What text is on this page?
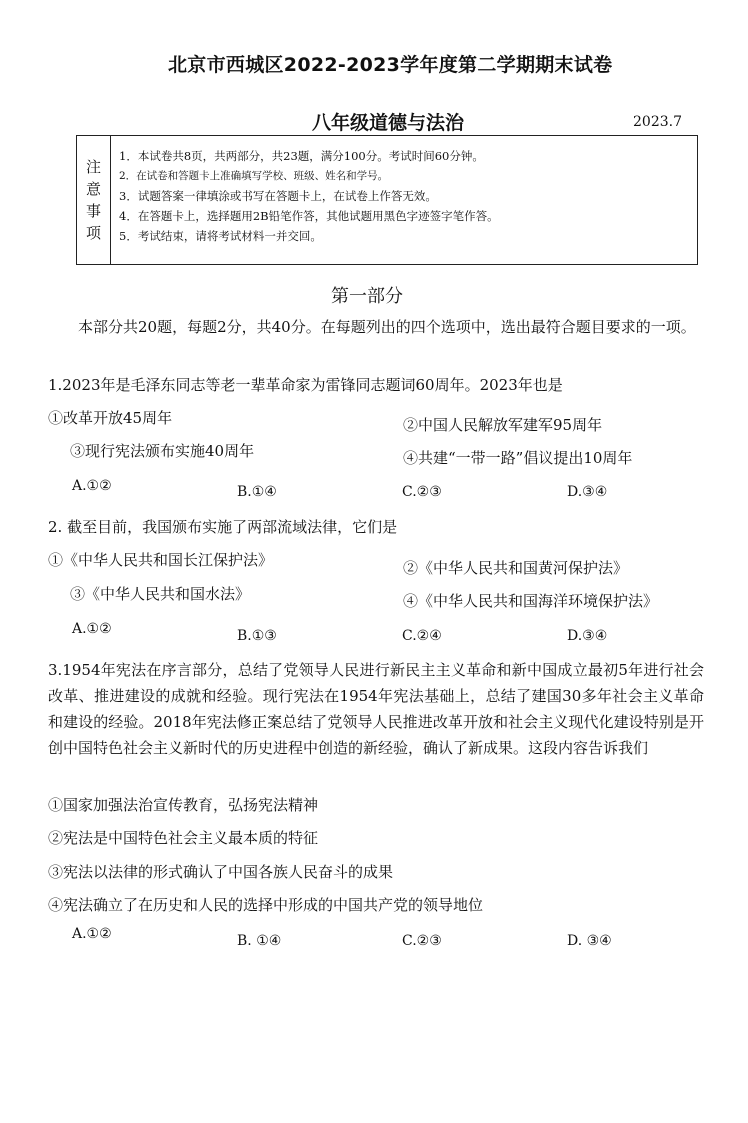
北京市西城区2022-2023学年度第二学期期末试卷
八年级道德与法治	2023.7
注
意
事
项
1．本试卷共8页，共两部分，共23题，满分100分。考试时间60分钟。
2．在试卷和答题卡上准确填写学校、班级、姓名和学号。
3．试题答案一律填涂或书写在答题卡上，在试卷上作答无效。
4．在答题卡上，选择题用2B铅笔作答，其他试题用黑色字迹签字笔作答。
5．考试结束，请将考试材料一并交回。
第一部分
本部分共20题，每题2分，共40分。在每题列出的四个选项中，选出最符合题目要求的一项。
1.2023年是毛泽东同志等老一辈革命家为雷锋同志题词60周年。2023年也是
①改革开放45周年	②中国人民解放军建军95周年
③现行宪法颁布实施40周年	④共建“一带一路”倡议提出10周年
A.①②	B.①④	C.②③	D.③④
2. 截至目前，我国颁布实施了两部流域法律，它们是
①《中华人民共和国长江保护法》	②《中华人民共和国黄河保护法》
③《中华人民共和国水法》	④《中华人民共和国海洋环境保护法》
A.①②	B.①③	C.②④	D.③④
3.1954年宪法在序言部分，总结了党领导人民进行新民主主义革命和新中国成立最初5年进行社会改革、推进建设的成就和经验。现行宪法在1954年宪法基础上，总结了建国30多年社会主义革命和建设的经验。2018年宪法修正案总结了党领导人民推进改革开放和社会主义现代化建设特别是开创中国特色社会主义新时代的历史进程中创造的新经验，确认了新成果。这段内容告诉我们
①国家加强法治宣传教育，弘扬宪法精神
②宪法是中国特色社会主义最本质的特征
③宪法以法律的形式确认了中国各族人民奋斗的成果
④宪法确立了在历史和人民的选择中形成的中国共产党的领导地位
A.①②	B. ①④	C.②③	D. ③④
